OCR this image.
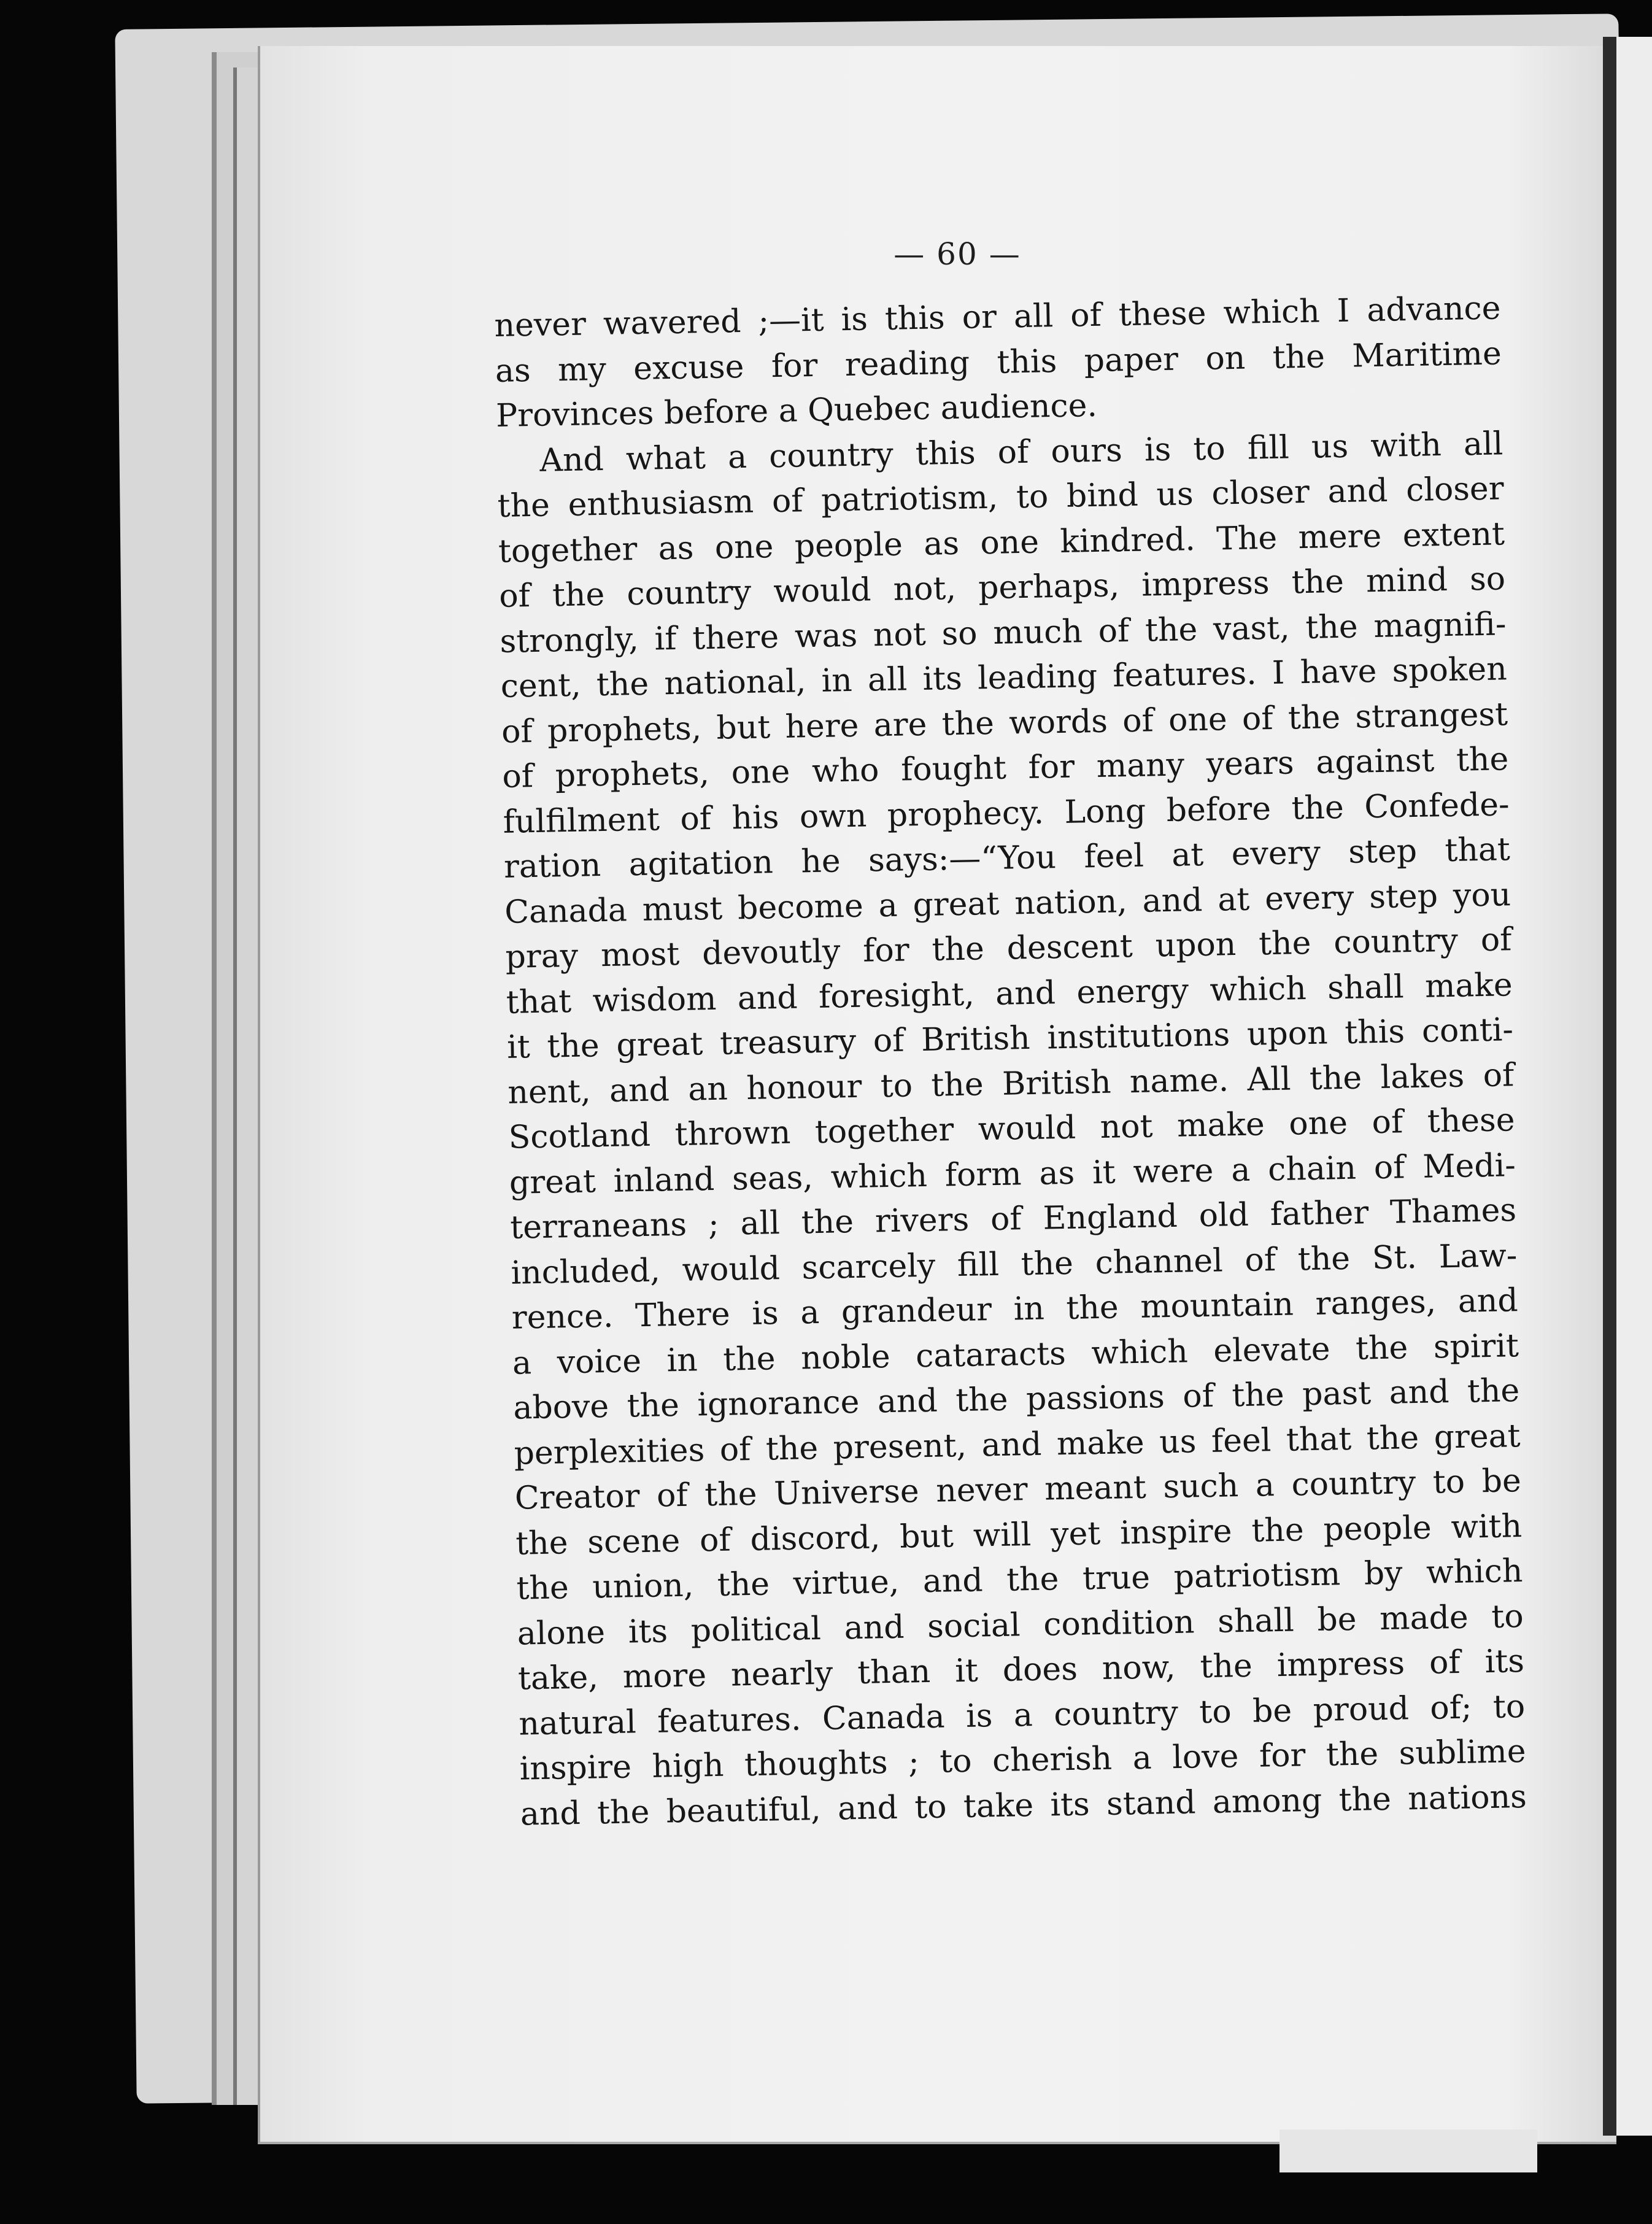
— 60 —
never wavered ;—it is this or all of these which I advance
as my excuse for reading this paper on the Maritime
Provinces before a Quebec audience.
And what a country this of ours is to fill us with all
the enthusiasm of patriotism, to bind us closer and closer
together as one people as one kindred. The mere extent
of the country would not, perhaps, impress the mind so
strongly, if there was not so much of the vast, the magnifi-
cent, the national, in all its leading features. I have spoken
of prophets, but here are the words of one of the strangest
of prophets, one who fought for many years against the
fulfilment of his own prophecy. Long before the Confede-
ration agitation he says:—“You feel at every step that
Canada must become a great nation, and at every step you
pray most devoutly for the descent upon the country of
that wisdom and foresight, and energy which shall make
it the great treasury of British institutions upon this conti-
nent, and an honour to the British name. All the lakes of
Scotland thrown together would not make one of these
great inland seas, which form as it were a chain of Medi-
terraneans ; all the rivers of England old father Thames
included, would scarcely fill the channel of the St. Law-
rence. There is a grandeur in the mountain ranges, and
a voice in the noble cataracts which elevate the spirit
above the ignorance and the passions of the past and the
perplexities of the present, and make us feel that the great
Creator of the Universe never meant such a country to be
the scene of discord, but will yet inspire the people with
the union, the virtue, and the true patriotism by which
alone its political and social condition shall be made to
take, more nearly than it does now, the impress of its
natural features. Canada is a country to be proud of; to
inspire high thoughts ; to cherish a love for the sublime
and the beautiful, and to take its stand among the nations
